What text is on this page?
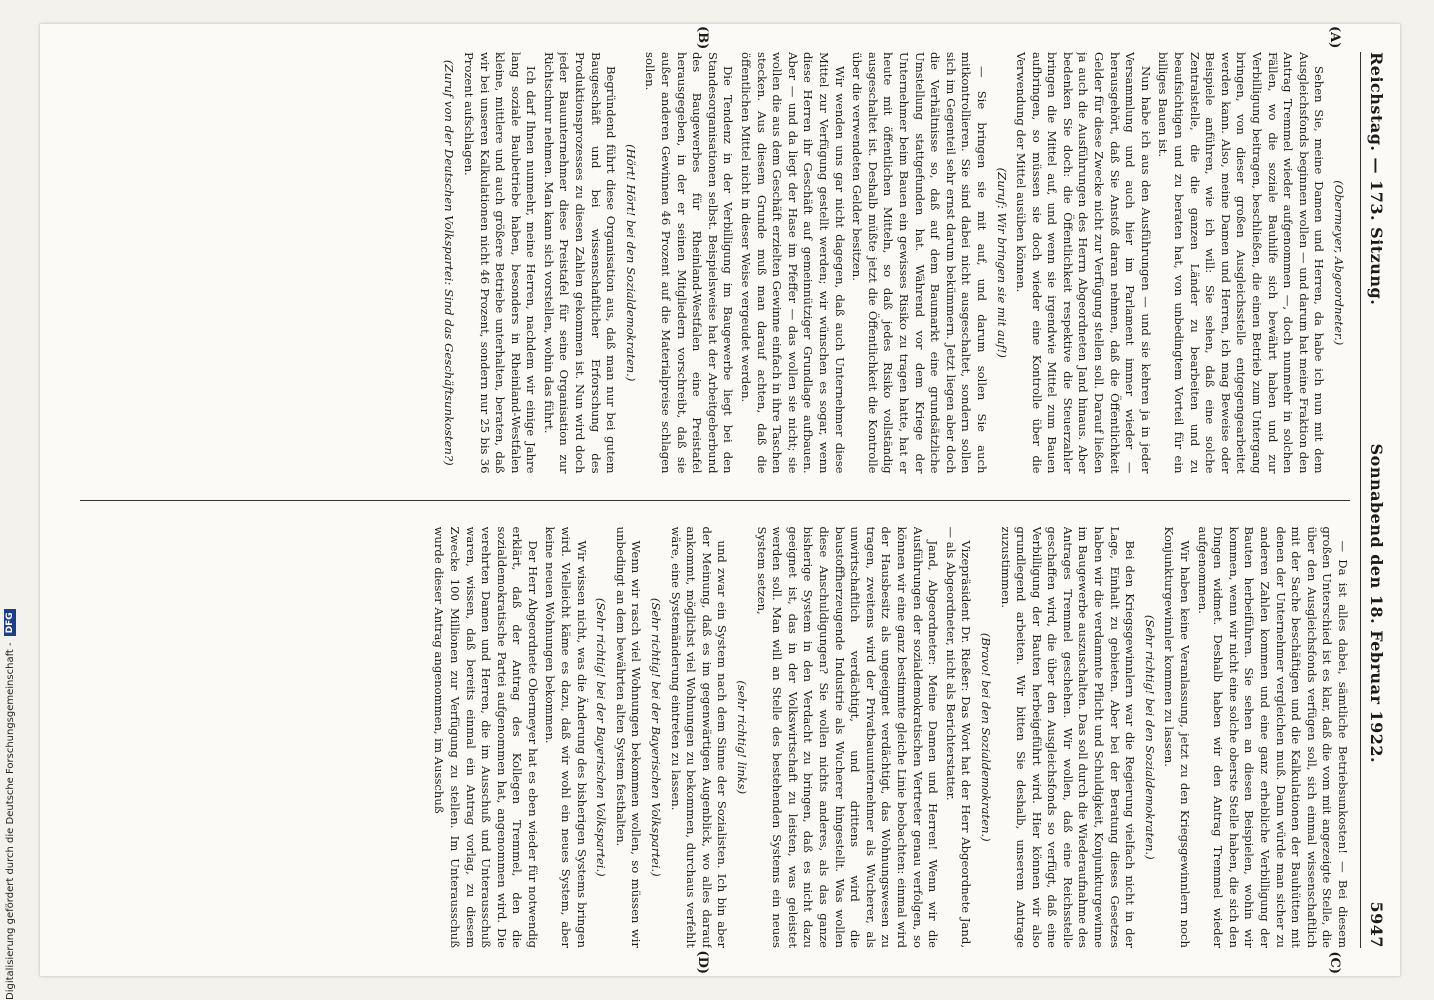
Reichstag. — 173. Sitzung.
Sonnabend den 18. Februar 1922.
5947
(A)
(B)
(C)
(D)

(Obermeyer, Abgeordneter.)

Sehen Sie, meine Damen und Herren, da habe ich nun mit dem Ausgleichsfonds beginnen wollen — und darum hat meine Fraktion den Antrag Tremmel wieder aufgenommen —, doch nunmehr in solchen Fällen, wo die soziale Bauhilfe sich bewährt haben und zur Verbilligung beitragen, beschließen, die einen Betrieb zum Untergang bringen, von dieser großen Ausgleichsstelle entgegengearbeitet werden kann. Also, meine Damen und Herren, ich mag Beweise oder Beispiele anführen, wie ich will: Sie sehen, daß eine solche Zentralstelle, die die ganzen Länder zu bearbeiten und zu beaufsichtigen und zu beraten hat, von unbedingtem Vorteil für ein billiges Bauen ist.

Nun habe ich aus den Ausführungen — und sie kehren ja in jeder Versammlung und auch hier im Parlament immer wieder — herausgehört, daß Sie Anstoß daran nehmen, daß die Öffentlichkeit Gelder für diese Zwecke nicht zur Verfügung stellen soll. Darauf ließen ja auch die Ausführungen des Herrn Abgeordneten Jand hinaus. Aber bedenken Sie doch: die Öffentlichkeit respektive die Steuerzahler bringen die Mittel auf, und wenn sie irgendwie Mittel zum Bauen aufbringen, so müssen sie doch wieder eine Kontrolle über die Verwendung der Mittel ausüben können.

(Zuruf: Wir bringen sie mit auf!)

— Sie bringen sie mit auf, und darum sollen Sie auch mitkontrollieren. Sie sind dabei nicht ausgeschaltet, sondern sollen sich im Gegenteil sehr ernst darum bekümmern. Jetzt liegen aber doch die Verhältnisse so, daß auf dem Baumarkt eine grundsätzliche Umstellung stattgefunden hat. Während vor dem Kriege der Unternehmer beim Bauen ein gewisses Risiko zu tragen hatte, hat er heute mit öffentlichen Mitteln, so daß jedes Risiko vollständig ausgeschaltet ist. Deshalb müßte jetzt die Öffentlichkeit die Kontrolle über die verwendeten Gelder besitzen.

Wir wenden uns gar nicht dagegen, daß auch Unternehmer diese Mittel zur Verfügung gestellt werden; wir wünschen es sogar, wenn diese Herren ihr Geschäft auf gemeinnütziger Grundlage aufbauen. Aber — und da liegt der Hase im Pfeffer — das wollen sie nicht; sie wollen die aus dem Geschäft erzielten Gewinne einfach in ihre Taschen stecken. Aus diesem Grunde muß man darauf achten, daß die öffentlichen Mittel nicht in dieser Weise vergeudet werden.

Die Tendenz in der Verbilligung im Baugewerbe liegt bei den Standesorganisationen selbst. Beispielsweise hat der Arbeitgeberbund des Baugewerbes für Rheinland-Westfalen eine Preistafel herausgegeben, in der er seinen Mitgliedern vorschreibt, daß sie außer anderen Gewinnen 46 Prozent auf die Materialpreise schlagen sollen.

(Hört! Hört! bei den Sozialdemokraten.)

Begründend führt diese Organisation aus, daß man nur bei gutem Baugeschäft und bei wissenschaftlicher Erforschung des Produktionsprozesses zu diesen Zahlen gekommen ist. Nun wird doch jeder Bauunternehmer diese Preistafel für seine Organisation zur Richtschnur nehmen. Man kann sich vorstellen, wohin das führt.

Ich darf Ihnen nunmehr, meine Herren, nachdem wir einige Jahre lang soziale Baubetriebe haben, besonders in Rheinland-Westfalen kleine, mittlere und auch größere Betriebe unterhalten, beraten, daß wir bei unseren Kalkulationen nicht 46 Prozent, sondern nur 25 bis 36 Prozent aufschlagen.

(Zuruf von der Deutschen Volkspartei: Sind das Geschäftsunkosten?)

— Da ist alles dabei, sämtliche Betriebsunkosten! — Bei diesem großen Unterschied ist es klar, daß die vom mit angezeigte Stelle, die über den Ausgleichsfonds verfügen soll, sich einmal wissenschaftlich mit der Sache beschäftigen und die Kalkulationen der Bauhütten mit denen der Unternehmer vergleichen muß. Dann würde man sicher zu anderen Zahlen kommen und eine ganz erhebliche Verbilligung der Bauten herbeiführen. Sie sehen an diesen Beispielen, wohin wir kommen, wenn wir nicht eine solche oberste Stelle haben, die sich den Dingen widmet. Deshalb haben wir den Antrag Tremmel wieder aufgenommen.

Wir haben keine Veranlassung, jetzt zu den Kriegsgewinnlern noch Konjunkturgewinnler kommen zu lassen.

(Sehr richtig! bei den Sozialdemokraten.)

Bei den Kriegsgewinnlern war die Regierung vielfach nicht in der Lage, Einhalt zu gebieten. Aber bei der Beratung dieses Gesetzes haben wir die verdammte Pflicht und Schuldigkeit, Konjunkturgewinne im Baugewerbe auszuschalten. Das soll durch die Wiederaufnahme des Antrages Tremmel geschehen. Wir wollen, daß eine Reichsstelle geschaffen wird, die über den Ausgleichsfonds so verfügt, daß eine Verbilligung der Bauten herbeigeführt wird. Hier können wir also grundlegend arbeiten. Wir bitten Sie deshalb, unserem Antrage zuzustimmen.

(Bravo! bei den Sozialdemokraten.)

Vizepräsident Dr. Rießer: Das Wort hat der Herr Abgeordnete Jand, — als Abgeordneter, nicht als Berichterstatter.

Jand, Abgeordneter: Meine Damen und Herren! Wenn wir die Ausführungen der sozialdemokratischen Vertreter genau verfolgen, so können wir eine ganz bestimmte gleiche Linie beobachten: einmal wird der Hausbesitz als ungeeignet verdächtigt, das Wohnungswesen zu tragen, zweitens wird der Privatbauunternehmer als Wucherer, als unwirtschaftlich verdächtigt, und drittens wird die baustoffherzeugende Industrie als Wucherer hingestellt. Was wollen diese Anschuldigungen? Sie wollen nichts anderes, als das ganze bisherige System in den Verdacht zu bringen, daß es nicht dazu geeignet ist, das in der Volkswirtschaft zu leisten, was geleistet werden soll. Man will an Stelle des bestehenden Systems ein neues System setzen,

(sehr richtig! links)

und zwar ein System nach dem Sinne der Sozialisten. Ich bin aber der Meinung, daß es im gegenwärtigen Augenblick, wo alles darauf ankommt, möglichst viel Wohnungen zu bekommen, durchaus verfehlt wäre, eine Systemänderung eintreten zu lassen.

(Sehr richtig! bei der Bayerischen Volkspartei.)

Wenn wir rasch viel Wohnungen bekommen wollen, so müssen wir unbedingt an dem bewährten alten System festhalten.

(Sehr richtig! bei der Bayerischen Volkspartei.)

Wir wissen nicht, was die Änderung des bisherigen Systems bringen wird. Vielleicht käme es dazu, daß wir wohl ein neues System, aber keine neuen Wohnungen bekommen.

Der Herr Abgeordnete Obermeyer hat es eben wieder für notwendig erklärt, daß der Antrag des Kollegen Tremmel, den die sozialdemokratische Partei aufgenommen hat, angenommen wird. Die verehrten Damen und Herren, die im Ausschuß und Unterausschuß waren, wissen, daß bereits einmal ein Antrag vorlag, zu diesem Zwecke 100 Millionen zur Verfügung zu stellen. Im Unterausschuß wurde dieser Antrag angenommen, im Ausschuß

Digitalisierung gefördert durch die Deutsche Forschungsgemeinschaft -
DFG
